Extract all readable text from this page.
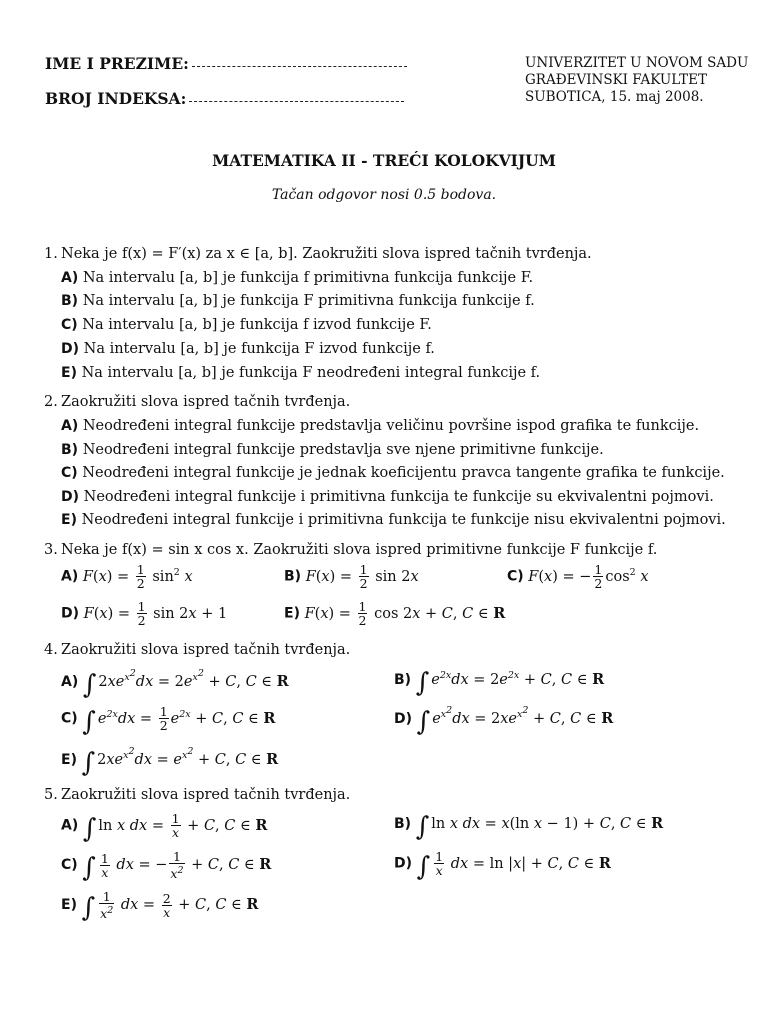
IME I PREZIME:
BROJ INDEKSA:
UNIVERZITET U NOVOM SADU
GRAĐEVINSKI FAKULTET
SUBOTICA, 15. maj 2008.
MATEMATIKA II - TREĆI KOLOKVIJUM
Tačan odgovor nosi 0.5 bodova.
1. Neka je f(x) = F′(x) za x ∈ [a, b]. Zaokružiti slova ispred tačnih tvrđenja.
A) Na intervalu [a, b] je funkcija f primitivna funkcija funkcije F.
B) Na intervalu [a, b] je funkcija F primitivna funkcija funkcije f.
C) Na intervalu [a, b] je funkcija f izvod funkcije F.
D) Na intervalu [a, b] je funkcija F izvod funkcije f.
E) Na intervalu [a, b] je funkcija F neodređeni integral funkcije f.
2. Zaokružiti slova ispred tačnih tvrđenja.
A) Neodređeni integral funkcije predstavlja veličinu površine ispod grafika te funkcije.
B) Neodređeni integral funkcije predstavlja sve njene primitivne funkcije.
C) Neodređeni integral funkcije je jednak koeficijentu pravca tangente grafika te funkcije.
D) Neodređeni integral funkcije i primitivna funkcija te funkcije su ekvivalentni pojmovi.
E) Neodređeni integral funkcije i primitivna funkcija te funkcije nisu ekvivalentni pojmovi.
3. Neka je f(x) = sin x cos x. Zaokružiti slova ispred primitivne funkcije F funkcije f.
A) $F(x) = \frac{1}{2} \sin^2 x$	B) $F(x) = \frac{1}{2}$ sin 2x	C) F(x) = − $\frac{1}{2} \cos^2 x$
D) $F(x) = \frac{1}{2}$ sin 2x + 1	E) $F(x) = \frac{1}{2}$ cos 2x + C, C ∈ R
4. Zaokružiti slova ispred tačnih tvrđenja.
A) ∫ $2xe^{x^2}dx = 2e^{x^2} + C$, C ∈ R	B) ∫ $e^{2x}dx = 2e^{2x} + C$, C ∈ R
C) ∫ $e^{2x}dx = \frac{1}{2} e^{2x} + C$, C ∈ R	D) ∫ $e^{x^2}dx = 2xe^{x^2} + C$, C ∈ R
E) ∫ $2xe^{x^2}dx = e^{x^2} + C$, C ∈ R
5. Zaokružiti slova ispred tačnih tvrđenja.
A) ∫ ln x dx = $\frac{1}{x} + C$, C ∈ R	B) ∫ ln x dx = x(ln x − 1) + C, C ∈ R
C) ∫ $\frac{1}{x}$ dx = − $\frac{1}{x^2} + C$, C ∈ R	D) ∫ $\frac{1}{x}$ dx = ln |x| + C, C ∈ R
E) ∫ $\frac{1}{x^2}$ dx = $\frac{2}{x} + C$, C ∈ R
